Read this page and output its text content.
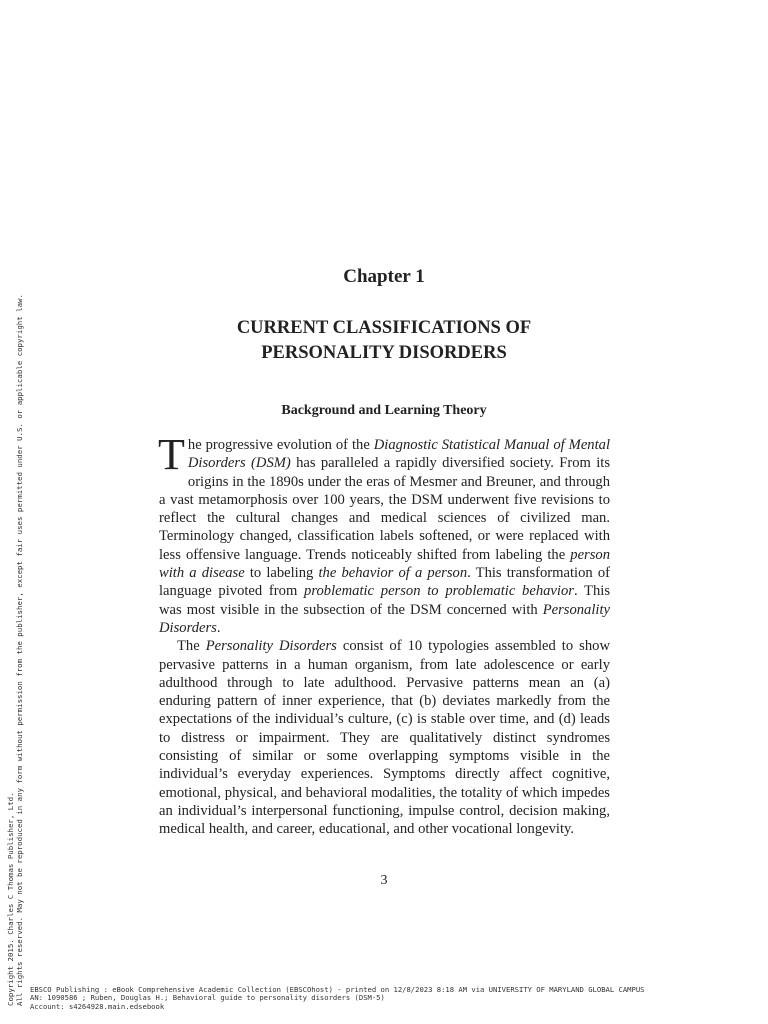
Chapter 1
CURRENT CLASSIFICATIONS OF
PERSONALITY DISORDERS
Background and Learning Theory

The progressive evolution of the Diagnostic Statistical Manual of Mental Disorders (DSM) has paralleled a rapidly diversified society. From its origins in the 1890s under the eras of Mesmer and Breuner, and through a vast metamorphosis over 100 years, the DSM underwent five revisions to reflect the cultural changes and medical sciences of civilized man. Terminology changed, classification labels softened, or were replaced with less offensive language. Trends noticeably shifted from labeling the person with a disease to labeling the behavior of a person. This transformation of language pivoted from problematic person to problematic behavior. This was most visible in the subsection of the DSM concerned with Personality Disorders.

The Personality Disorders consist of 10 typologies assembled to show pervasive patterns in a human organism, from late adolescence or early adulthood through to late adulthood. Pervasive patterns mean an (a) enduring pattern of inner experience, that (b) deviates markedly from the expectations of the individual’s culture, (c) is stable over time, and (d) leads to distress or impairment. They are qualitatively distinct syndromes consisting of similar or some overlapping symptoms visible in the individual’s everyday experiences. Symptoms directly affect cognitive, emotional, physical, and behavioral modalities, the totality of which impedes an individual’s interpersonal functioning, impulse control, decision making, medical health, and career, educational, and other vocational longevity.

3
Copyright 2015. Charles C Thomas Publisher, Ltd. All rights reserved. May not be reproduced in any form without permission from the publisher, except fair uses permitted under U.S. or applicable copyright law. EBSCO Publishing : eBook Comprehensive Academic Collection (EBSCOhost) - printed on 12/8/2023 8:18 AM via UNIVERSITY OF MARYLAND GLOBAL CAMPUS
AN: 1090586 ; Ruben, Douglas H.; Behavioral guide to personality disorders (DSM-5)
Account: s4264928.main.edsebook
